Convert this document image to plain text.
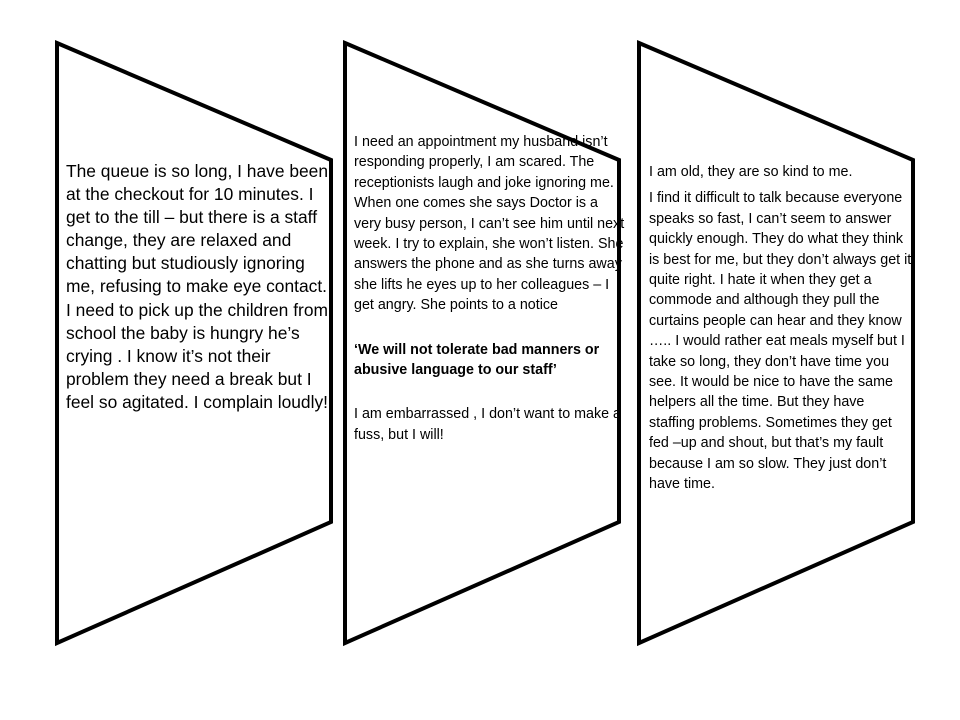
The queue is so long, I have been at the checkout for 10 minutes. I get to the till – but there is a staff change, they are relaxed and chatting but studiously ignoring me, refusing to make eye contact. I need to pick up the children from school the baby is hungry he’s crying . I know it’s not their problem they need a break but I feel so agitated. I complain loudly!

I need an appointment my husband isn’t responding properly, I am scared. The receptionists laugh and joke ignoring me. When one comes she says Doctor is a very busy person, I can’t see him until next week. I try to explain, she won’t listen. She answers the phone and as she turns away she lifts he eyes up to her colleagues – I get angry. She points to a notice

‘We will not tolerate bad manners or abusive language to our staff’

I am embarrassed , I don’t want to make a fuss, but I will!

I am old, they are so kind to me.

I find it difficult to talk because everyone speaks so fast, I can’t seem to answer quickly enough. They do what they think is best for me, but they don’t always get it quite right. I hate it when they get a commode and although they pull the curtains people can hear and they know ….. I would rather eat meals myself but I take so long, they don’t have time you see. It would be nice to have the same helpers all the time. But they have staffing problems. Sometimes they get fed –up and shout, but that’s my fault because I am so slow. They just don’t have time.
